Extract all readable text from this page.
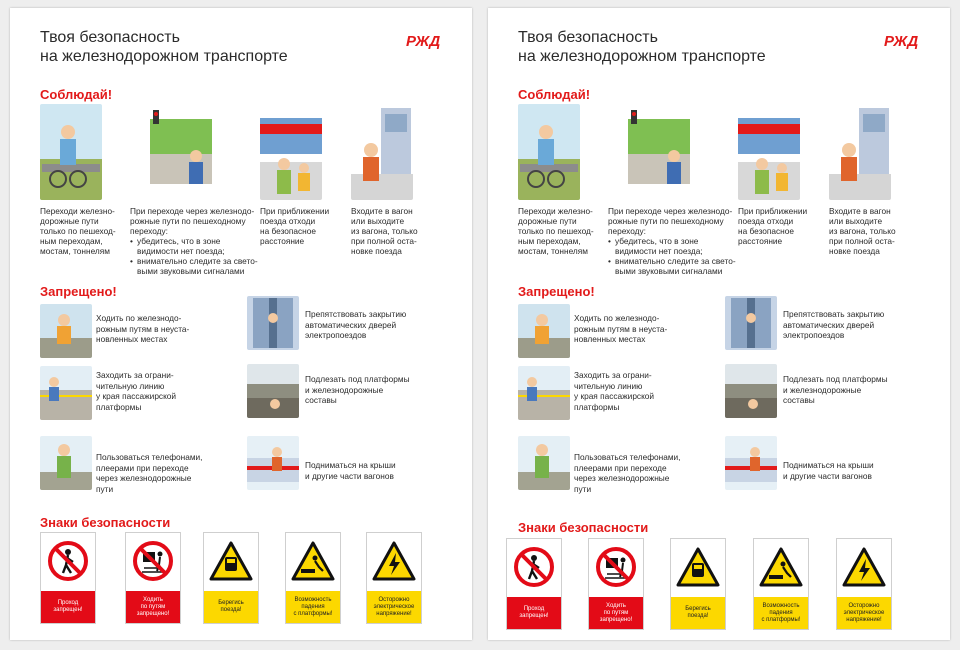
Твоя безопасность
на железнодорожном транспорте
РЖД
Соблюдай!
Переходи железно-
дорожные пути
только по пешеход-
ным переходам,
мостам, тоннелям
При переходе через железнодо-
рожные пути по пешеходному
переходу:
• убедитесь, что в зоне
видимости нет поезда;
• внимательно следите за свето-
выми звуковыми сигналами
При приближении
поезда отходи
на безопасное
расстояние
Входите в вагон
или выходите
из вагона, только
при полной оста-
новке поезда
Запрещено!
Ходить по железнодо-
рожным путям в неуста-
новленных местах
Заходить за ограни-
чительную линию
у края пассажирской
платформы
Пользоваться телефонами,
плеерами при переходе
через железнодорожные
пути
Препятствовать закрытию
автоматических дверей
электропоездов
Подлезать под платформы
и железнодорожные
составы
Подниматься на крыши
и другие части вагонов
Знаки безопасности
Проход
запрещен!
Ходить
по путям
запрещено!
Берегись
поезда!
Возможность
падения
с платформы!
Осторожно
электрическое
напряжение!
Твоя безопасность
на железнодорожном транспорте
РЖД
Соблюдай!
Переходи железно-
дорожные пути
только по пешеход-
ным переходам,
мостам, тоннелям
При переходе через железнодо-
рожные пути по пешеходному
переходу:
• убедитесь, что в зоне
видимости нет поезда;
• внимательно следите за свето-
выми звуковыми сигналами
При приближении
поезда отходи
на безопасное
расстояние
Входите в вагон
или выходите
из вагона, только
при полной оста-
новке поезда
Запрещено!
Ходить по железнодо-
рожным путям в неуста-
новленных местах
Заходить за ограни-
чительную линию
у края пассажирской
платформы
Пользоваться телефонами,
плеерами при переходе
через железнодорожные
пути
Препятствовать закрытию
автоматических дверей
электропоездов
Подлезать под платформы
и железнодорожные
составы
Подниматься на крыши
и другие части вагонов
Знаки безопасности
Проход
запрещен!
Ходить
по путям
запрещено!
Берегись
поезда!
Возможность
падения
с платформы!
Осторожно
электрическое
напряжение!
